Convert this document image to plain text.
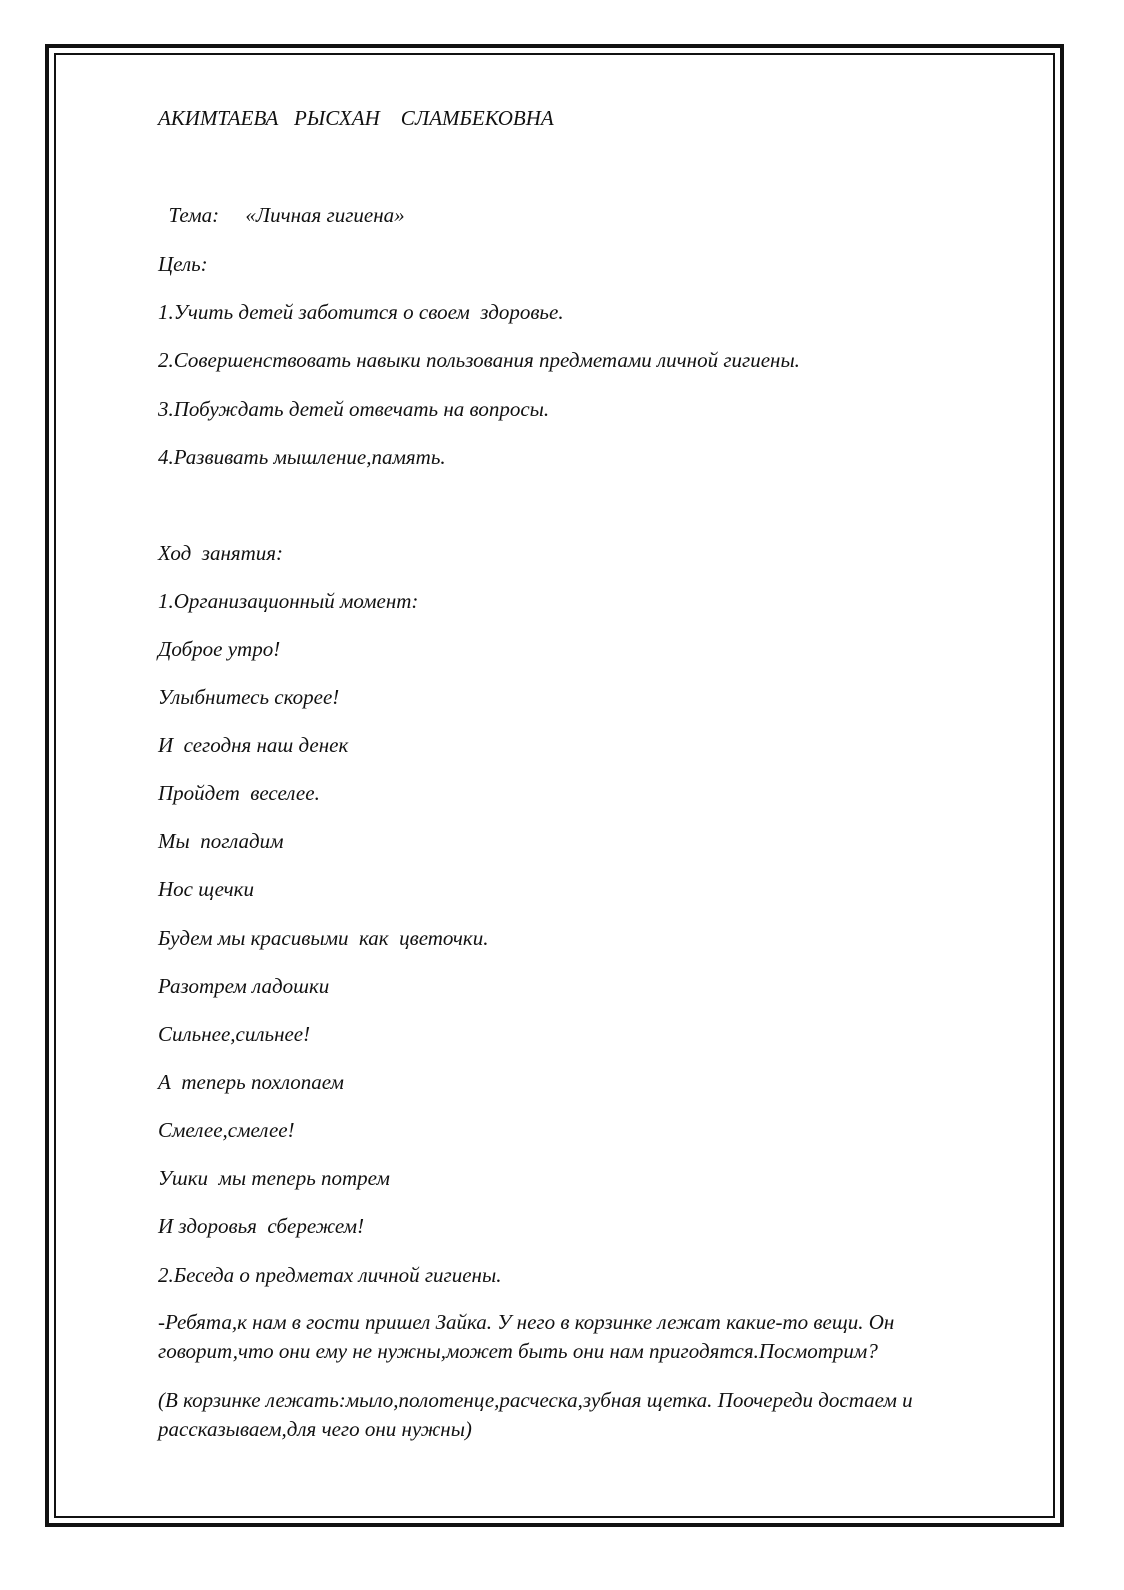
АКИМТАЕВА   РЫСХАН    СЛАМБЕКОВНА
Тема:     «Личная гигиена»
Цель:
1.Учить детей заботится о своем  здоровье.
2.Совершенствовать навыки пользования предметами личной гигиены.
3.Побуждать детей отвечать на вопросы.
4.Развивать мышление,память.
Ход  занятия:
1.Организационный момент:
Доброе утро!
Улыбнитесь скорее!
И  сегодня наш денек
Пройдет  веселее.
Мы  погладим
Нос щечки
Будем мы красивыми  как  цветочки.
Разотрем ладошки
Сильнее,сильнее!
А  теперь похлопаем
Смелее,смелее!
Ушки  мы теперь потрем
И здоровья  сбережем!
2.Беседа о предметах личной гигиены.
-Ребята,к нам в гости пришел Зайка. У него в корзинке лежат какие-то вещи. Он говорит,что они ему не нужны,может быть они нам пригодятся.Посмотрим?
(В корзинке лежать:мыло,полотенце,расческа,зубная щетка. Поочереди достаем и рассказываем,для чего они нужны)
